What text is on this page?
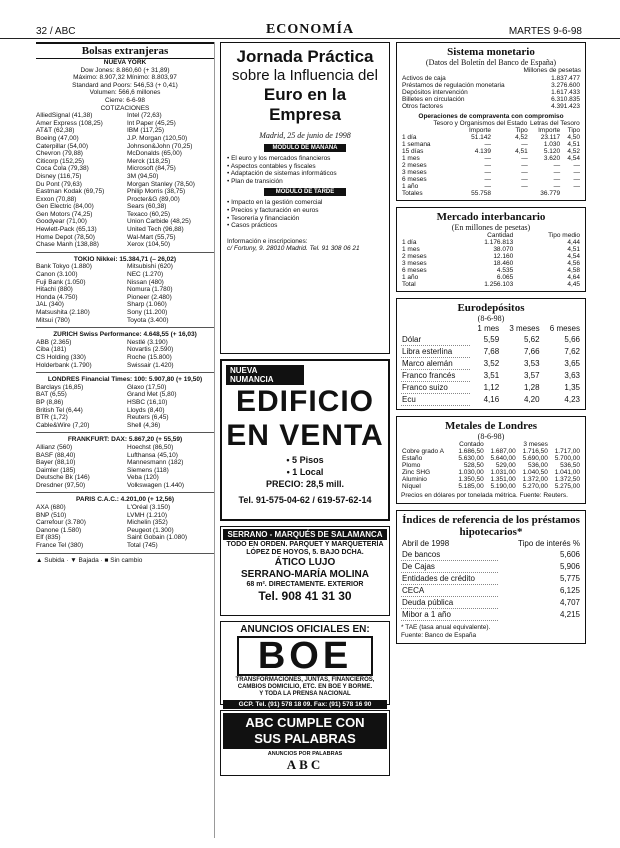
32 / ABC	ECONOMÍA	MARTES 9-6-98
Bolsas extranjeras
NUEVA YORK
Dow Jones: 8.860,60 (+ 31,89)
Máximo: 8.907,32 Mínimo: 8.803,97
Standard and Poors: 546,53 (+ 0,41)
Volumen: 566,6 millones
Cierre: 6-6-98
COTIZACIONES
AlliedSignal (41,38)	Intel (72,63)
Amer Express (108,25)	Int Paper (45,25)
AT&T (62,38)	IBM (117,25)
Boeing (47,00)	J.P. Morgan (120,50)
Caterpillar (54,00)	Johnson&John (70,25)
Chevron (79,88)	McDonalds (65,00)
Citicorp (152,25)	Merck (118,25)
Coca Cola (79,38)	Microsoft (84,75)
Disney (116,75)	3M (94,50)
Du Pont (79,63)	Morgan Stanley (78,50)
Eastman Kodak (69,75)	Philip Morris (38,75)
Exxon (70,88)	Procter&G (89,00)
Gen Electric (84,00)	Sears (60,38)
Gen Motors (74,25)	Texaco (60,25)
Goodyear (71,00)	Union Carbide (48,25)
Hewlett-Pack (65,13)	United Tech (96,88)
Home Depot (78,50)	Wal-Mart (55,75)
Chase Manh (138,88)	Xerox (104,50)
TOKIO Nikkei: 15.384,71 (– 26,02)
Bank Tokyo (1.880)	Mitsubishi (620)
Canon (3.100)	NEC (1.270)
Fuji Bank (1.050)	Nissan (480)
Hitachi (880)	Nomura (1.780)
Honda (4.750)	Pioneer (2.480)
JAL (340)	Sharp (1.060)
Matsushita (2.180)	Sony (11.200)
Mitsui (780)	Toyota (3.400)
ZURICH Swiss Performance: 4.648,55 (+ 16,03)
ABB (2.365)	Nestlé (3.190)
Ciba (181)	Novartis (2.590)
CS Holding (330)	Roche (15.800)
Holderbank (1.790)	Swissair (1.420)
LONDRES Financial Times: 100: 5.907,80 (+ 19,50)
Barclays (16,85)	Glaxo (17,50)
BAT (6,55)	Grand Met (5,80)
BP (8,86)	HSBC (16,10)
British Tel (6,44)	Lloyds (8,40)
BTR (1,72)	Reuters (6,45)
Cable&Wire (7,20)	Shell (4,36)
FRANKFURT: DAX: 5.867,20 (+ 55,59)
Allianz (560)	Hoechst (86,50)
BASF (88,40)	Lufthansa (45,10)
Bayer (88,10)	Mannesmann (182)
Daimler (185)	Siemens (118)
Deutsche Bk (146)	Veba (120)
Dresdner (97,50)	Volkswagen (1.440)
PARIS C.A.C.: 4.201,00 (+ 12,56)
AXA (680)	L'Oréal (3.150)
BNP (510)	LVMH (1.210)
Carrefour (3.780)	Michelin (352)
Danone (1.580)	Peugeot (1.300)
Elf (835)	Saint Gobain (1.080)
France Tel (380)	Total (745)
▲ Subida · ▼ Bajada · ■ Sin cambio
Jornada Práctica
sobre la Influencia del
Euro en la Empresa
Madrid, 25 de junio de 1998
MÓDULO DE MAÑANA
• El euro y los mercados financieros
• Aspectos contables y fiscales
• Adaptación de sistemas informáticos
• Plan de transición
MÓDULO DE TARDE
• Impacto en la gestión comercial
• Precios y facturación en euros
• Tesorería y financiación
• Casos prácticos
Información e inscripciones:
c/ Fortuny, 9. 28010 Madrid. Tel. 91 308 06 21
NUEVA NUMANCIA
EDIFICIO
EN VENTA
• 5 Pisos
• 1 Local
PRECIO: 28,5 mill.
Tel. 91-575-04-62 / 619-57-62-14
SERRANO - MARQUÉS DE SALAMANCA
TODO EN ORDEN. PARQUET Y MARQUETERÍA
LÓPEZ DE HOYOS, 5. BAJO DCHA.
ÁTICO LUJO
SERRANO-MARÍA MOLINA
68 m². DIRECTAMENTE. EXTERIOR
Tel. 908 41 31 30
ANUNCIOS OFICIALES EN:
BOE
TRANSFORMACIONES, JUNTAS, FINANCIEROS,
CAMBIOS DOMICILIO, ETC. EN BOE Y BORME.
Y TODA LA PRENSA NACIONAL
GCP. Tel. (91) 578 18 09. Fax: (91) 578 16 90
ABC CUMPLE CON
SUS PALABRAS
ANUNCIOS POR PALABRAS
ABC
Sistema monetario
(Datos del Boletín del Banco de España)
Millones de pesetas
Activos de caja	1.837.477
Préstamos de regulación monetaria	3.276.600
Depósitos intervención	1.617.433
Billetes en circulación	6.310.835
Otros factores	4.391.423
Operaciones de compraventa con compromiso
	Tesoro y Organismos del Estado		Letras del Tesoro	
	Importe	Tipo	Importe	Tipo
1 día	51.142	4,52	23.117	4,50
1 semana	—	—	1.030	4,51
15 días	4.139	4,51	5.120	4,52
1 mes	—	—	3.620	4,54
2 meses	—	—	—	—
3 meses	—	—	—	—
6 meses	—	—	—	—
1 año	—	—	—	—
Totales	55.758		36.779	
Mercado interbancario
(En millones de pesetas)
	Cantidad	Tipo medio
1 día	1.176.813	4,44
1 mes	38.070	4,51
2 meses	12.160	4,54
3 meses	18.460	4,56
6 meses	4.535	4,58
1 año	6.065	4,64
Total	1.256.103	4,45
Eurodepósitos
(8-6-98)
	1 mes	3 meses	6 meses
Dólar	5,59	5,62	5,66
Libra esterlina	7,68	7,66	7,62
Marco alemán	3,52	3,53	3,65
Franco francés	3,51	3,57	3,63
Franco suizo	1,12	1,28	1,35
Ecu	4,16	4,20	4,23
Metales de Londres
(8-6-98)
	Contado		3 meses	
Cobre grado A	1.686,50	1.687,00	1.716,50	1.717,00
Estaño	5.630,00	5.640,00	5.690,00	5.700,00
Plomo	528,50	529,00	536,00	536,50
Zinc SHG	1.030,00	1.031,00	1.040,50	1.041,00
Aluminio	1.350,50	1.351,00	1.372,00	1.372,50
Níquel	5.185,00	5.190,00	5.270,00	5.275,00
Precios en dólares por tonelada métrica. Fuente: Reuters.
Índices de referencia de los préstamos hipotecarios*
Abril de 1998	Tipo de interés %
De bancos	5,606
De Cajas	5,906
Entidades de crédito	5,775
CECA	6,125
Deuda pública	4,707
Mibor a 1 año	4,215
* TAE (tasa anual equivalente).
Fuente: Banco de España
